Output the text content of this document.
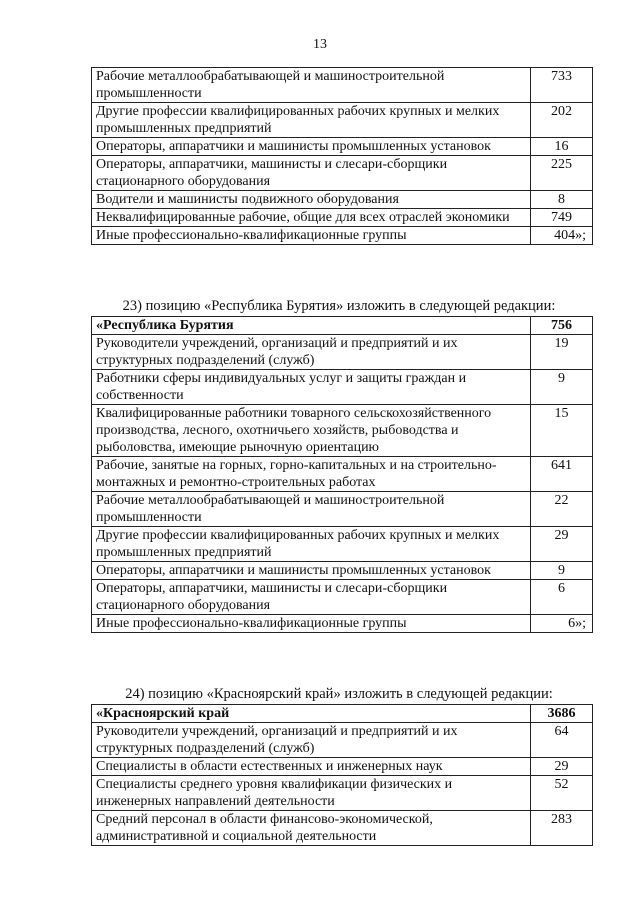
13
Рабочие металлообрабатывающей и машиностроительной промышленности	733
Другие профессии квалифицированных рабочих крупных и мелких промышленных предприятий	202
Операторы, аппаратчики и машинисты промышленных установок	16
Операторы, аппаратчики, машинисты и слесари-сборщики стационарного оборудования	225
Водители и машинисты подвижного оборудования	8
Неквалифицированные рабочие, общие для всех отраслей экономики	749
Иные профессионально-квалификационные группы	404»;
23) позицию «Республика Бурятия» изложить в следующей редакции:
«Республика Бурятия	756
Руководители учреждений, организаций и предприятий и их структурных подразделений (служб)	19
Работники сферы индивидуальных услуг и защиты граждан и собственности	9
Квалифицированные работники товарного сельскохозяйственного производства, лесного, охотничьего хозяйств, рыбоводства и рыболовства, имеющие рыночную ориентацию	15
Рабочие, занятые на горных, горно-капитальных и на строительно-монтажных и ремонтно-строительных работах	641
Рабочие металлообрабатывающей и машиностроительной промышленности	22
Другие профессии квалифицированных рабочих крупных и мелких промышленных предприятий	29
Операторы, аппаратчики и машинисты промышленных установок	9
Операторы, аппаратчики, машинисты и слесари-сборщики стационарного оборудования	6
Иные профессионально-квалификационные группы	6»;
24) позицию «Красноярский край» изложить в следующей редакции:
«Красноярский край	3686
Руководители учреждений, организаций и предприятий и их структурных подразделений (служб)	64
Специалисты в области естественных и инженерных наук	29
Специалисты среднего уровня квалификации физических и инженерных направлений деятельности	52
Средний персонал в области финансово-экономической, административной и социальной деятельности	283
